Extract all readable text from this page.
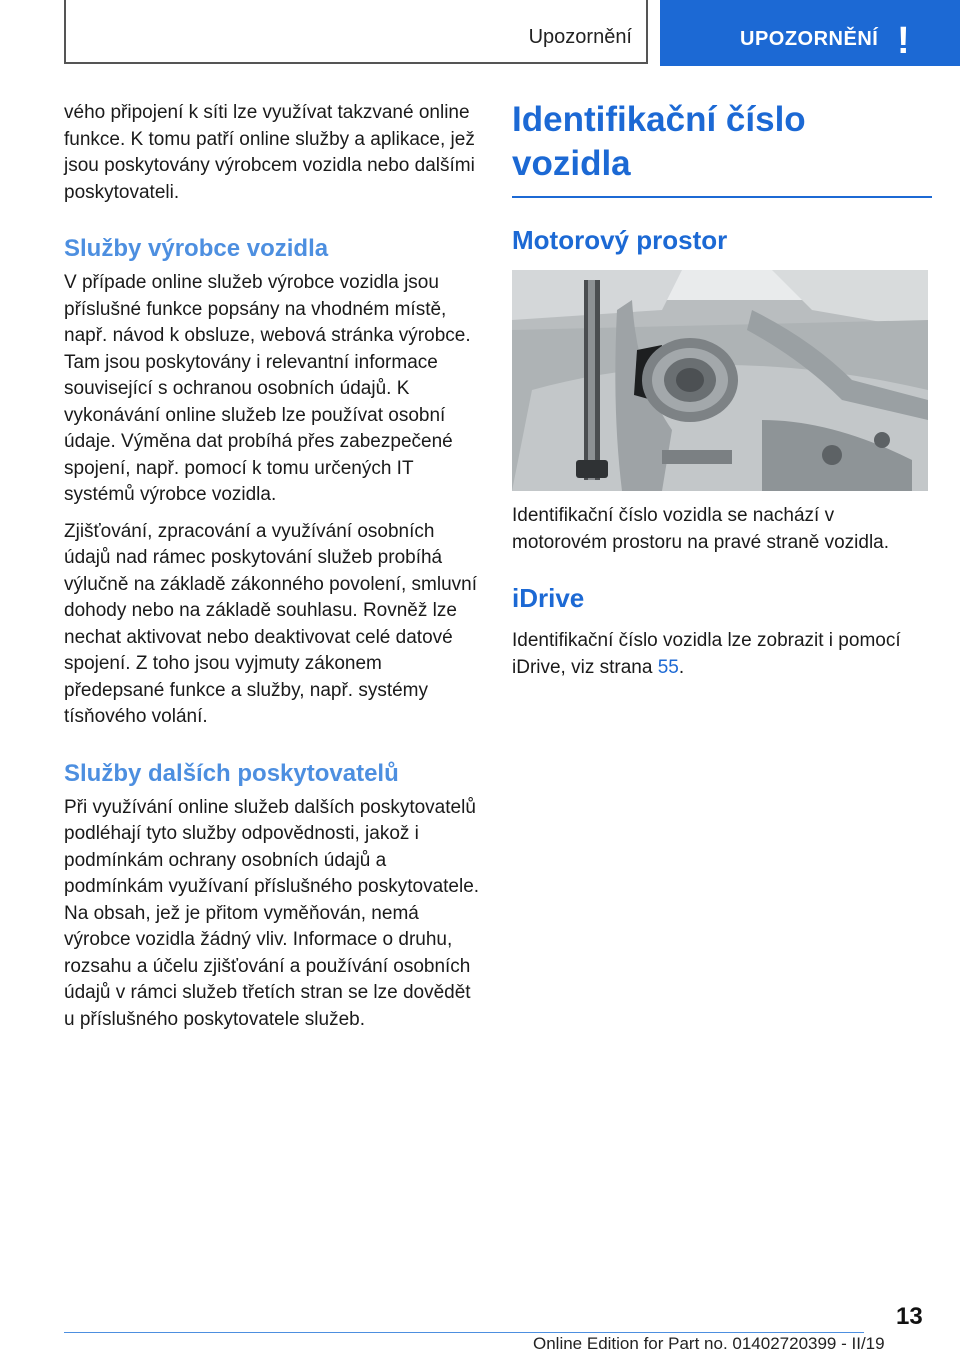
Upozornění	UPOZORNĚNÍ !

vého připojení k síti lze využívat takzvané online funkce. K tomu patří online služby a aplikace, jež jsou poskytovány výrobcem vozidla nebo dalšími poskytovateli.

Služby výrobce vozidla

V případe online služeb výrobce vozidla jsou příslušné funkce popsány na vhodném místě, např. návod k obsluze, webová stránka výrobce. Tam jsou poskytovány i relevantní informace související s ochranou osobních údajů. K vykonávání online služeb lze používat osobní údaje. Výměna dat probíhá přes zabezpečené spojení, např. pomocí k tomu určených IT systémů výrobce vozidla.

Zjišťování, zpracování a využívání osobních údajů nad rámec poskytování služeb probíhá výlučně na základě zákonného povolení, smluvní dohody nebo na základě souhlasu. Rovněž lze nechat aktivovat nebo deaktivovat celé datové spojení. Z toho jsou vyjmuty zákonem předepsané funkce a služby, např. systémy tísňového volání.

Služby dalších poskytovatelů

Při využívání online služeb dalších poskytovatelů podléhají tyto služby odpovědnosti, jakož i podmínkám ochrany osobních údajů a podmínkám využívaní příslušného poskytovatele. Na obsah, jež je přitom vyměňován, nemá výrobce vozidla žádný vliv. Informace o druhu, rozsahu a účelu zjišťování a používání osobních údajů v rámci služeb třetích stran se lze dovědět u příslušného poskytovatele služeb.

Identifikační číslo vozidla
Motorový prostor

Identifikační číslo vozidla se nachází v motorovém prostoru na pravé straně vozidla.

iDrive

Identifikační číslo vozidla lze zobrazit i pomocí iDrive, viz strana 55.

13
Online Edition for Part no. 01402720399 - II/19
